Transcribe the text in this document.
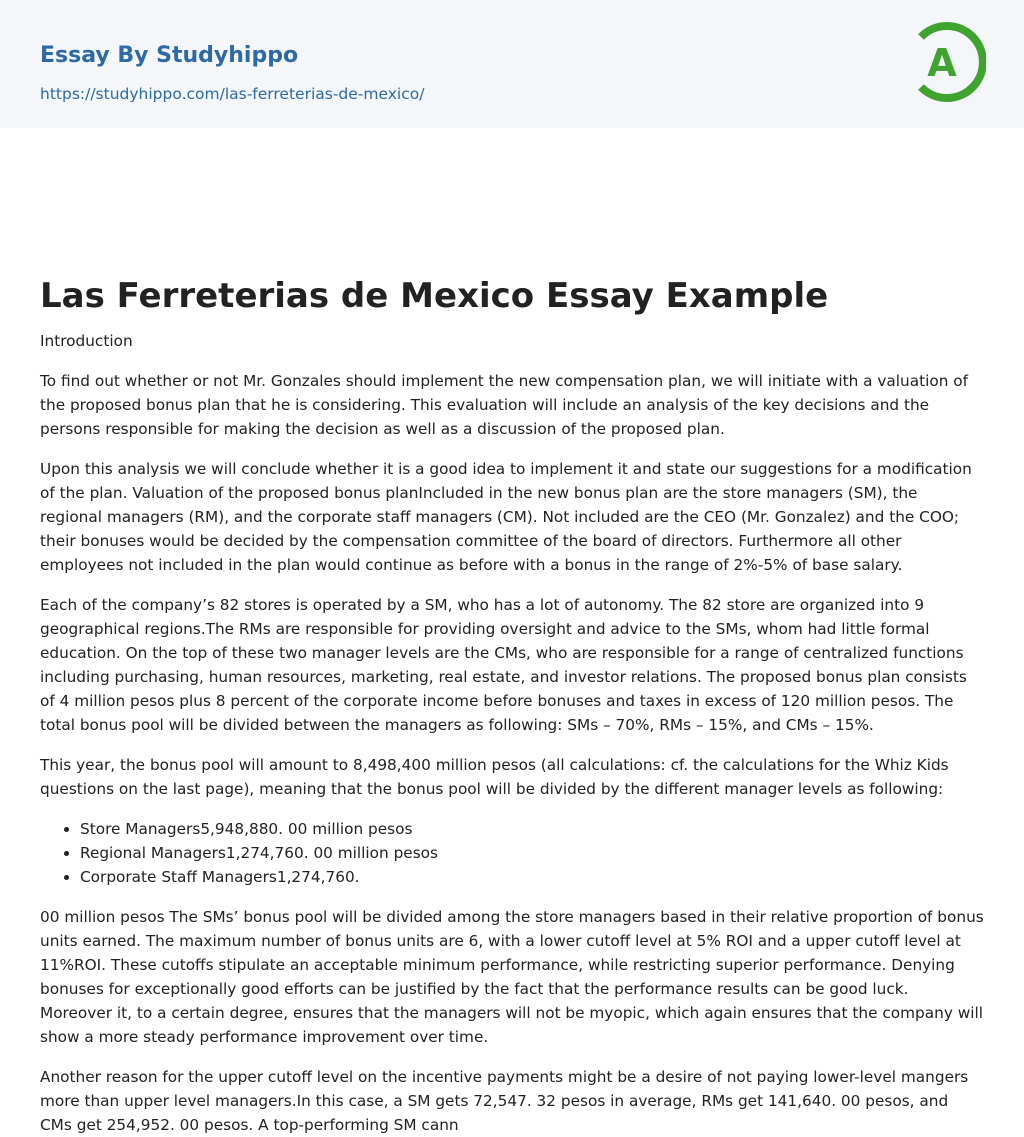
Essay By Studyhippo
https://studyhippo.com/las-ferreterias-de-mexico/
A
Las Ferreterias de Mexico Essay Example
Introduction

To find out whether or not Mr. Gonzales should implement the new compensation plan, we will initiate with a valuation of the proposed bonus plan that he is considering. This evaluation will include an analysis of the key decisions and the persons responsible for making the decision as well as a discussion of the proposed plan.

Upon this analysis we will conclude whether it is a good idea to implement it and state our suggestions for a modification of the plan. Valuation of the proposed bonus planIncluded in the new bonus plan are the store managers (SM), the regional managers (RM), and the corporate staff managers (CM). Not included are the CEO (Mr. Gonzalez) and the COO; their bonuses would be decided by the compensation committee of the board of directors. Furthermore all other employees not included in the plan would continue as before with a bonus in the range of 2%-5% of base salary.

Each of the company’s 82 stores is operated by a SM, who has a lot of autonomy. The 82 store are organized into 9 geographical regions.The RMs are responsible for providing oversight and advice to the SMs, whom had little formal education. On the top of these two manager levels are the CMs, who are responsible for a range of centralized functions including purchasing, human resources, marketing, real estate, and investor relations. The proposed bonus plan consists of 4 million pesos plus 8 percent of the corporate income before bonuses and taxes in excess of 120 million pesos. The total bonus pool will be divided between the managers as following: SMs – 70%, RMs – 15%, and CMs – 15%.

This year, the bonus pool will amount to 8,498,400 million pesos (all calculations: cf. the calculations for the Whiz Kids questions on the last page), meaning that the bonus pool will be divided by the different manager levels as following:

• Store Managers5,948,880. 00 million pesos
• Regional Managers1,274,760. 00 million pesos
• Corporate Staff Managers1,274,760.

00 million pesos The SMs’ bonus pool will be divided among the store managers based in their relative proportion of bonus units earned. The maximum number of bonus units are 6, with a lower cutoff level at 5% ROI and a upper cutoff level at 11%ROI. These cutoffs stipulate an acceptable minimum performance, while restricting superior performance. Denying bonuses for exceptionally good efforts can be justified by the fact that the performance results can be good luck. Moreover it, to a certain degree, ensures that the managers will not be myopic, which again ensures that the company will show a more steady performance improvement over time.

Another reason for the upper cutoff level on the incentive payments might be a desire of not paying lower-level mangers more than upper level managers.In this case, a SM gets 72,547. 32 pesos in average, RMs get 141,640. 00 pesos, and CMs get 254,952. 00 pesos. A top-performing SM cann
